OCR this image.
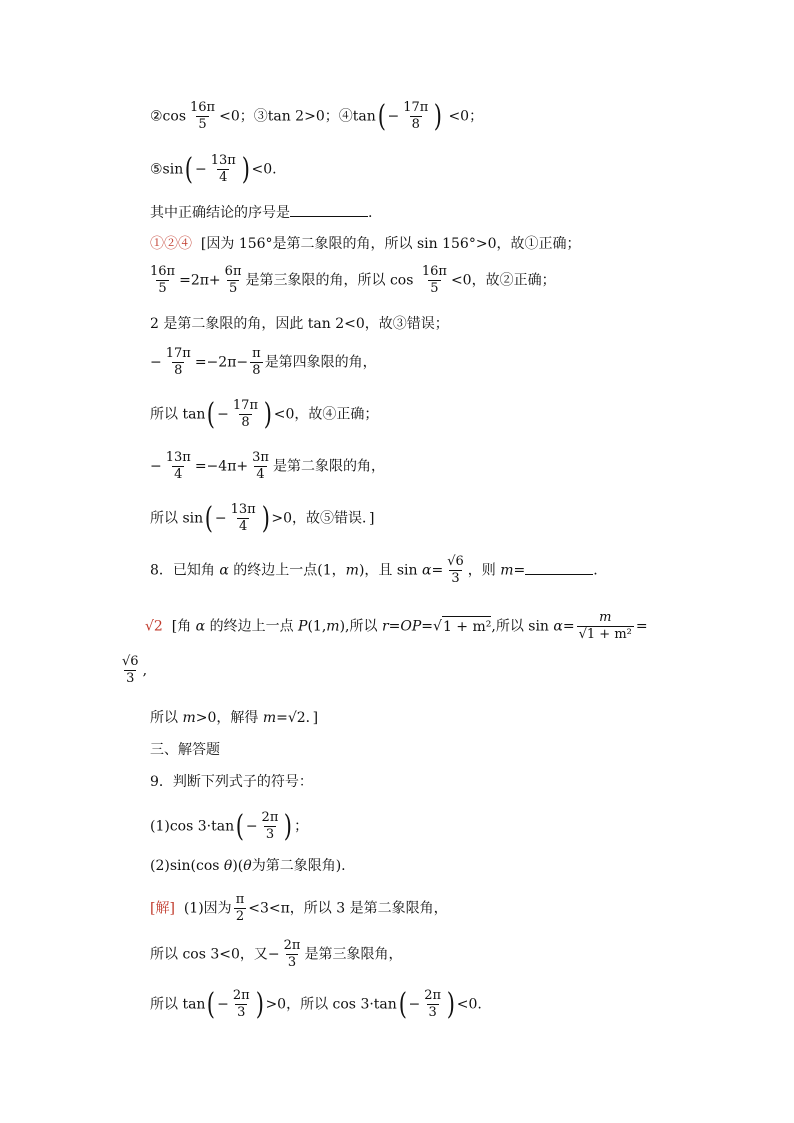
②cos $\frac{16\pi}{5} <0$；③tan 2>0；④tan( − $\frac{17\pi}{8}$ ) <0；
⑤sin( − $\frac{13\pi}{4}$ ) <0.
其中正确结论的序号是	.
①②④ [因为 156°是第二象限的角，所以 sin 156°>0，故①正确；
$\frac{16\pi}{5} =2\pi+ \frac{6\pi}{5}$ 是第三象限的角，所以 $\cos \frac{16\pi}{5} <0$，故②正确；
2 是第二象限的角，因此 tan 2<0，故③错误；
− $\frac{17\pi}{8} =-2\pi- \frac{\pi}{8}$ 是第四象限的角，
所以 $\tan( - \frac{17\pi}{8}$ ) <0，故④正确；
− $\frac{13\pi}{4} =-4\pi+ \frac{3\pi}{4}$ 是第二象限的角，
所以 $\sin( - \frac{13\pi}{4}$ ) >0，故⑤错误．]
8．已知角 α 的终边上一点(1，m)，且 $\sin \alpha= \frac{√6}{3}$ ，则 m=	.
√2 [角 α 的终边上一点 P(1,m),所以 r=OP=√1 + m²,所以 $\sin \alpha= \frac{m}{\text{√1 + m²}}$ =
$\frac{√6}{3}$ ,
所以 m>0，解得 m=√2．]
三、解答题
9．判断下列式子的符号：
(1)cos $3\cdot\tan( - \frac{2\pi}{3}$ ) ；
(2)sin(cos θ)(θ为第二象限角).
[解] (1)因为 $\frac{\pi}{2} <3<\pi$，所以 3 是第二象限角，
所以 cos 3<0，又− $\frac{2\pi}{3}$ 是第三象限角，
所以 $\tan( - \frac{2\pi}{3}$ ) >0，所以 $\cos 3\cdot\tan( - \frac{2\pi}{3}$ ) <0.
